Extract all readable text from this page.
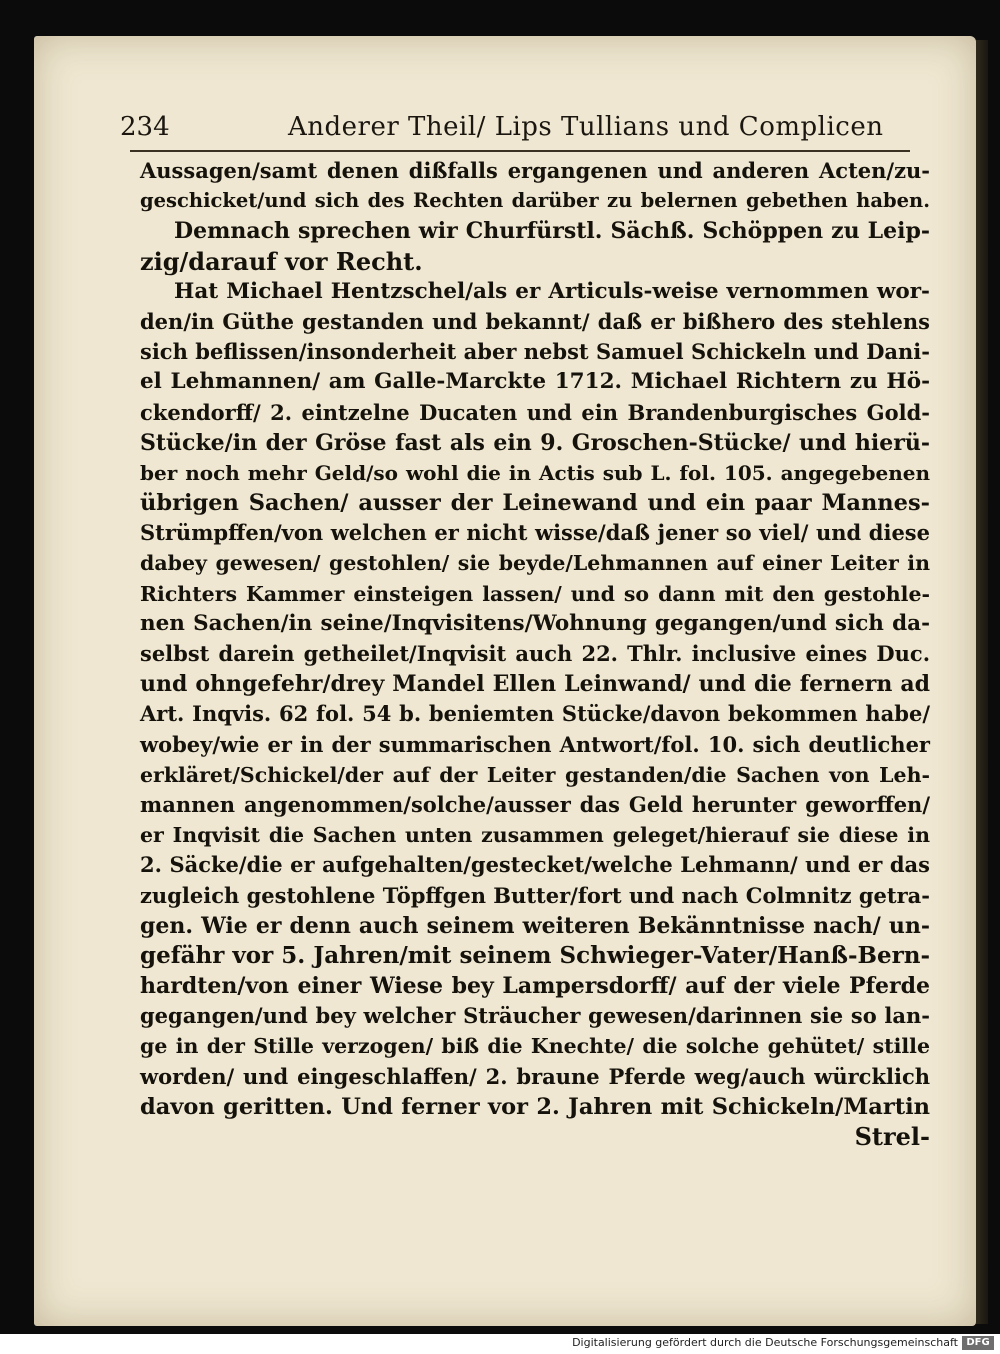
234	Anderer Theil/ Lips Tullians und Complicen
Aussagen/samt denen dißfalls ergangenen und anderen Acten/zu-
geschicket/und sich des Rechten darüber zu belernen gebethen haben.
Demnach sprechen wir Churfürstl. Sächß. Schöppen zu Leip-
zig/darauf vor Recht.
Hat Michael Hentzschel/als er Articuls-weise vernommen wor-
den/in Güthe gestanden und bekannt/ daß er bißhero des stehlens
sich beflissen/insonderheit aber nebst Samuel Schickeln und Dani-
el Lehmannen/ am Galle-Marckte 1712. Michael Richtern zu Hö-
ckendorff/ 2. eintzelne Ducaten und ein Brandenburgisches Gold-
Stücke/in der Gröse fast als ein 9. Groschen-Stücke/ und hierü-
ber noch mehr Geld/so wohl die in Actis sub L. fol. 105. angegebenen
übrigen Sachen/ ausser der Leinewand und ein paar Mannes-
Strümpffen/von welchen er nicht wisse/daß jener so viel/ und diese
dabey gewesen/ gestohlen/ sie beyde/Lehmannen auf einer Leiter in
Richters Kammer einsteigen lassen/ und so dann mit den gestohle-
nen Sachen/in seine/Inqvisitens/Wohnung gegangen/und sich da-
selbst darein getheilet/Inqvisit auch 22. Thlr. inclusive eines Duc.
und ohngefehr/drey Mandel Ellen Leinwand/ und die fernern ad
Art. Inqvis. 62 fol. 54 b. beniemten Stücke/davon bekommen habe/
wobey/wie er in der summarischen Antwort/fol. 10. sich deutlicher
erkläret/Schickel/der auf der Leiter gestanden/die Sachen von Leh-
mannen angenommen/solche/ausser das Geld herunter geworffen/
er Inqvisit die Sachen unten zusammen geleget/hierauf sie diese in
2. Säcke/die er aufgehalten/gestecket/welche Lehmann/ und er das
zugleich gestohlene Töpffgen Butter/fort und nach Colmnitz getra-
gen. Wie er denn auch seinem weiteren Bekänntnisse nach/ un-
gefähr vor 5. Jahren/mit seinem Schwieger-Vater/Hanß-Bern-
hardten/von einer Wiese bey Lampersdorff/ auf der viele Pferde
gegangen/und bey welcher Sträucher gewesen/darinnen sie so lan-
ge in der Stille verzogen/ biß die Knechte/ die solche gehütet/ stille
worden/ und eingeschlaffen/ 2. braune Pferde weg/auch würcklich
davon geritten. Und ferner vor 2. Jahren mit Schickeln/Martin
Strel-
Digitalisierung gefördert durch die Deutsche Forschungsgemeinschaft DFG
